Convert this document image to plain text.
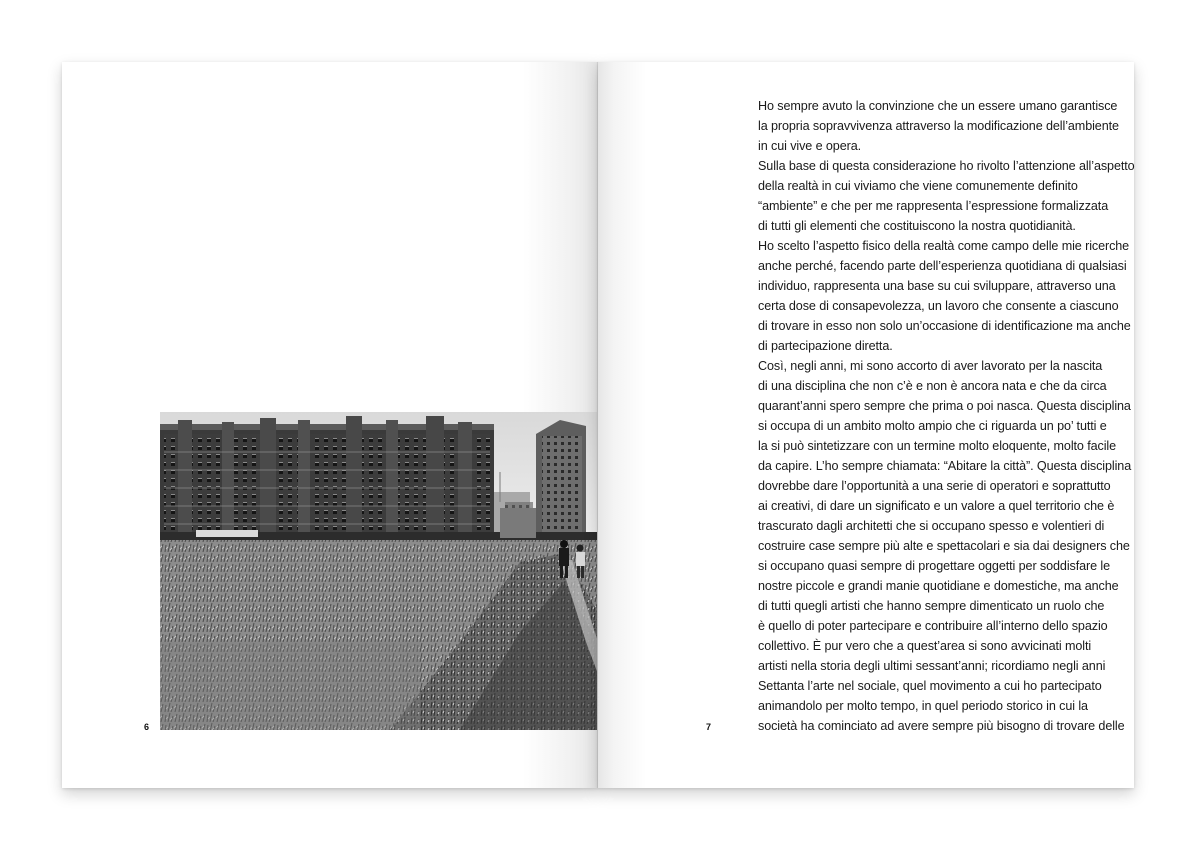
6	7
Ho sempre avuto la convinzione che un essere umano garantisce
la propria sopravvivenza attraverso la modificazione dell’ambiente
in cui vive e opera.
Sulla base di questa considerazione ho rivolto l’attenzione all’aspetto
della realtà in cui viviamo che viene comunemente definito
“ambiente” e che per me rappresenta l’espressione formalizzata
di tutti gli elementi che costituiscono la nostra quotidianità.
Ho scelto l’aspetto fisico della realtà come campo delle mie ricerche
anche perché, facendo parte dell’esperienza quotidiana di qualsiasi
individuo, rappresenta una base su cui sviluppare, attraverso una
certa dose di consapevolezza, un lavoro che consente a ciascuno
di trovare in esso non solo un’occasione di identificazione ma anche
di partecipazione diretta.
Così, negli anni, mi sono accorto di aver lavorato per la nascita
di una disciplina che non c’è e non è ancora nata e che da circa
quarant’anni spero sempre che prima o poi nasca. Questa disciplina
si occupa di un ambito molto ampio che ci riguarda un po’ tutti e
la si può sintetizzare con un termine molto eloquente, molto facile
da capire. L’ho sempre chiamata: “Abitare la città”. Questa disciplina
dovrebbe dare l’opportunità a una serie di operatori e soprattutto
ai creativi, di dare un significato e un valore a quel territorio che è
trascurato dagli architetti che si occupano spesso e volentieri di
costruire case sempre più alte e spettacolari e sia dai designers che
si occupano quasi sempre di progettare oggetti per soddisfare le
nostre piccole e grandi manie quotidiane e domestiche, ma anche
di tutti quegli artisti che hanno sempre dimenticato un ruolo che
è quello di poter partecipare e contribuire all’interno dello spazio
collettivo. È pur vero che a quest’area si sono avvicinati molti
artisti nella storia degli ultimi sessant’anni; ricordiamo negli anni
Settanta l’arte nel sociale, quel movimento a cui ho partecipato
animandolo per molto tempo, in quel periodo storico in cui la
società ha cominciato ad avere sempre più bisogno di trovare delle
